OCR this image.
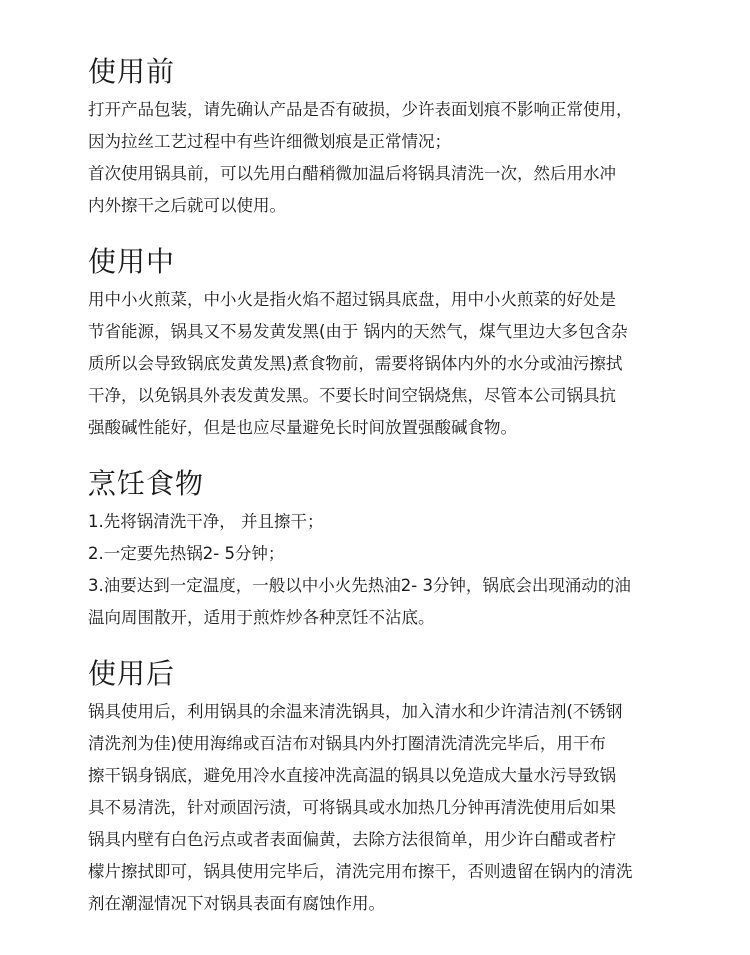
使用前

打开产品包装，请先确认产品是否有破损，少许表面划痕不影响正常使用，

因为拉丝工艺过程中有些许细微划痕是正常情况；

首次使用锅具前，可以先用白醋稍微加温后将锅具清洗一次，然后用水冲

内外擦干之后就可以使用。

使用中

用中小火煎菜，中小火是指火焰不超过锅具底盘，用中小火煎菜的好处是

节省能源，锅具又不易发黄发黑(由于 锅内的天然气，煤气里边大多包含杂

质所以会导致锅底发黄发黑)煮食物前，需要将锅体内外的水分或油污擦拭

干净，以免锅具外表发黄发黑。不要长时间空锅烧焦，尽管本公司锅具抗

强酸碱性能好，但是也应尽量避免长时间放置强酸碱食物。

烹饪食物

1.先将锅清洗干净， 并且擦干；

2.一定要先热锅2- 5分钟；

3.油要达到一定温度，一般以中小火先热油2- 3分钟，锅底会出现涌动的油

温向周围散开，适用于煎炸炒各种烹饪不沾底。

使用后

锅具使用后，利用锅具的余温来清洗锅具，加入清水和少许清洁剂(不锈钢

清洗剂为佳)使用海绵或百洁布对锅具内外打圈清洗清洗完毕后，用干布

擦干锅身锅底，避免用冷水直接冲洗高温的锅具以免造成大量水污导致锅

具不易清洗，针对顽固污渍，可将锅具或水加热几分钟再清洗使用后如果

锅具内壁有白色污点或者表面偏黄，去除方法很简单，用少许白醋或者柠

檬片擦拭即可，锅具使用完毕后，清洗完用布擦干，否则遗留在锅内的清洗

剂在潮湿情况下对锅具表面有腐蚀作用。
